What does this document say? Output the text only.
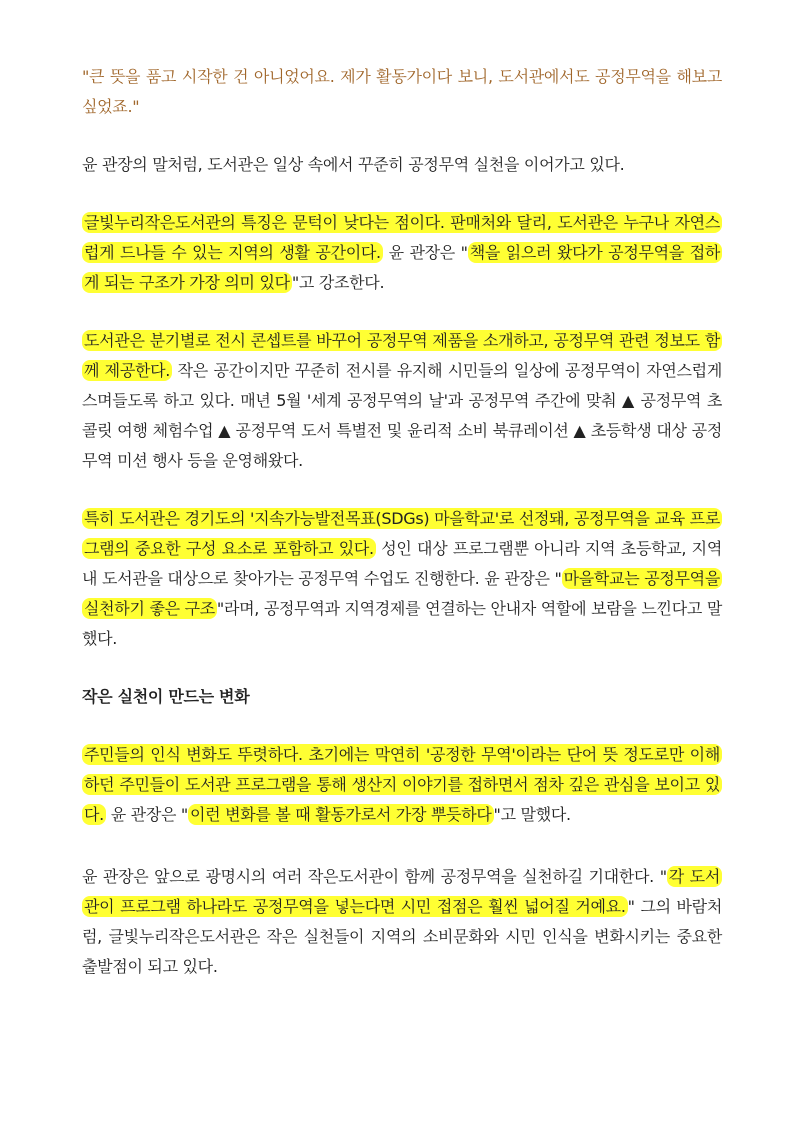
"큰 뜻을 품고 시작한 건 아니었어요. 제가 활동가이다 보니, 도서관에서도 공정무역을 해보고 싶었죠."

윤 관장의 말처럼, 도서관은 일상 속에서 꾸준히 공정무역 실천을 이어가고 있다.

글빛누리작은도서관의 특징은 문턱이 낮다는 점이다. 판매처와 달리, 도서관은 누구나 자연스럽게 드나들 수 있는 지역의 생활 공간이다. 윤 관장은 " 책을 읽으러 왔다가 공정무역을 접하게 되는 구조가 가장 의미 있다 "고 강조한다.

도서관은 분기별로 전시 콘셉트를 바꾸어 공정무역 제품을 소개하고, 공정무역 관련 정보도 함께 제공한다. 작은 공간이지만 꾸준히 전시를 유지해 시민들의 일상에 공정무역이 자연스럽게 스며들도록 하고 있다. 매년 5월 '세계 공정무역의 날'과 공정무역 주간에 맞춰 ▲ 공정무역 초콜릿 여행 체험수업 ▲ 공정무역 도서 특별전 및 윤리적 소비 북큐레이션 ▲ 초등학생 대상 공정무역 미션 행사 등을 운영해왔다.

특히 도서관은 경기도의 '지속가능발전목표(SDGs) 마을학교'로 선정돼, 공정무역을 교육 프로그램의 중요한 구성 요소로 포함하고 있다. 성인 대상 프로그램뿐 아니라 지역 초등학교, 지역 내 도서관을 대상으로 찾아가는 공정무역 수업도 진행한다. 윤 관장은 " 마을학교는 공정무역을 실천하기 좋은 구조 "라며, 공정무역과 지역경제를 연결하는 안내자 역할에 보람을 느낀다고 말했다.

작은 실천이 만드는 변화

주민들의 인식 변화도 뚜렷하다. 초기에는 막연히 '공정한 무역'이라는 단어 뜻 정도로만 이해하던 주민들이 도서관 프로그램을 통해 생산지 이야기를 접하면서 점차 깊은 관심을 보이고 있다. 윤 관장은 " 이런 변화를 볼 때 활동가로서 가장 뿌듯하다 "고 말했다.

윤 관장은 앞으로 광명시의 여러 작은도서관이 함께 공정무역을 실천하길 기대한다. " 각 도서관이 프로그램 하나라도 공정무역을 넣는다면 시민 접점은 훨씬 넓어질 거예요. " 그의 바람처럼, 글빛누리작은도서관은 작은 실천들이 지역의 소비문화와 시민 인식을 변화시키는 중요한 출발점이 되고 있다.
